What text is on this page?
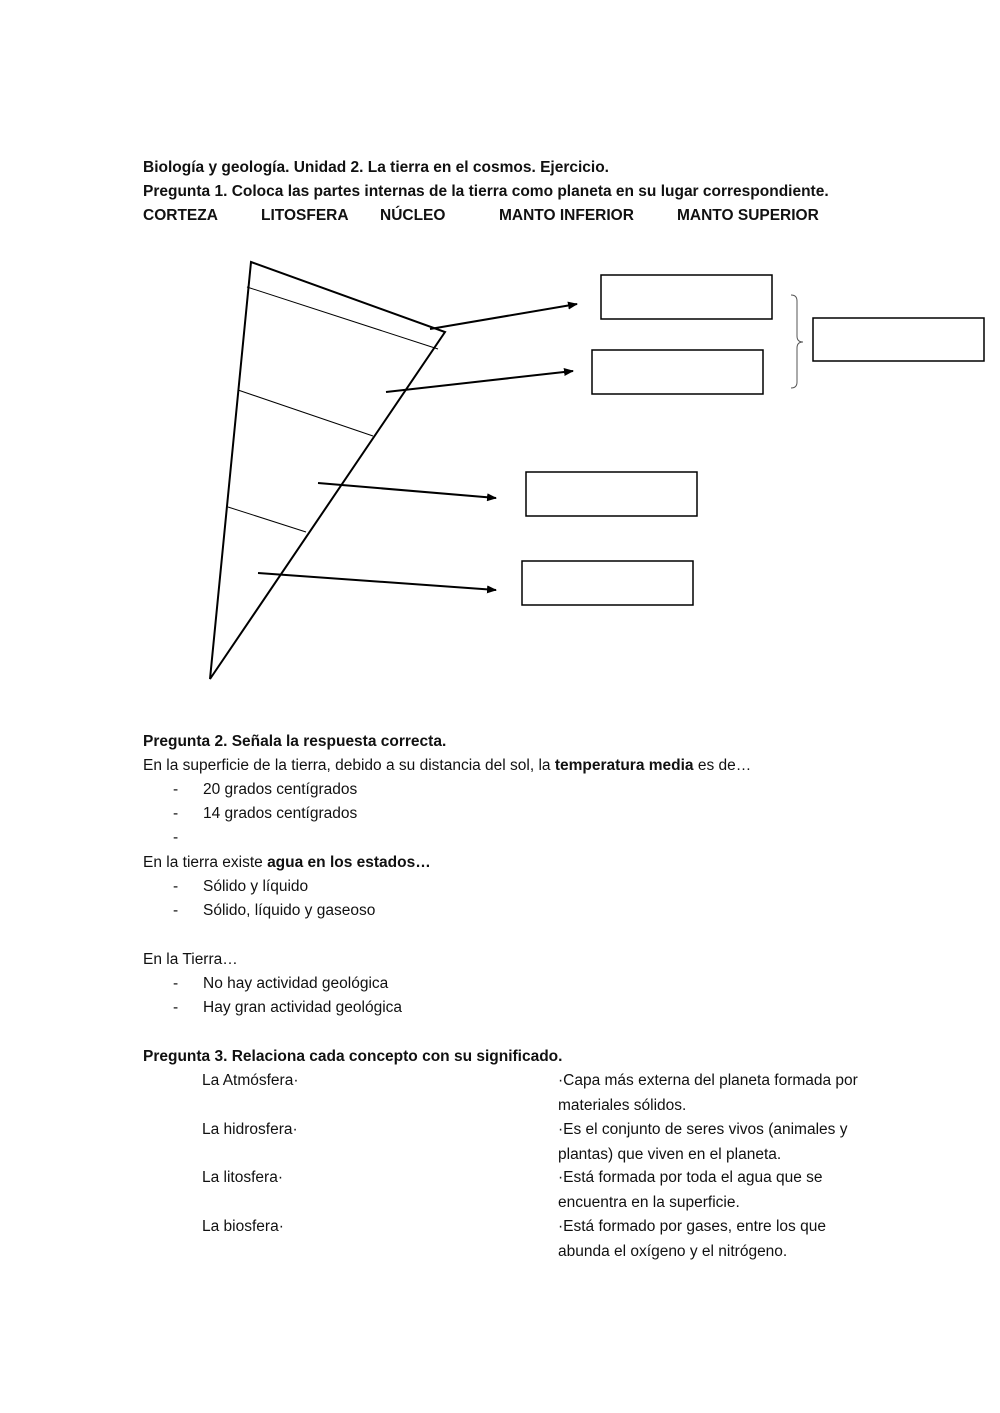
Biología y geología. Unidad 2. La tierra en el cosmos. Ejercicio.
Pregunta 1. Coloca las partes internas de la tierra como planeta en su lugar correspondiente.
CORTEZA	LITOSFERA NÚCLEO	MANTO INFERIOR	MANTO SUPERIOR
Pregunta 2. Señala la respuesta correcta.
En la superficie de la tierra, debido a su distancia del sol, la temperatura media es de…
- 20 grados centígrados
- 14 grados centígrados
-
En la tierra existe agua en los estados…
- Sólido y líquido
- Sólido, líquido y gaseoso
En la Tierra…
- No hay actividad geológica
- Hay gran actividad geológica
Pregunta 3. Relaciona cada concepto con su significado.
La Atmósfera·	·Capa más externa del planeta formada por materiales sólidos.
La hidrosfera·	·Es el conjunto de seres vivos (animales y plantas) que viven en el planeta.
La litosfera·	·Está formada por toda el agua que se encuentra en la superficie.
La biosfera·	·Está formado por gases, entre los que abunda el oxígeno y el nitrógeno.
